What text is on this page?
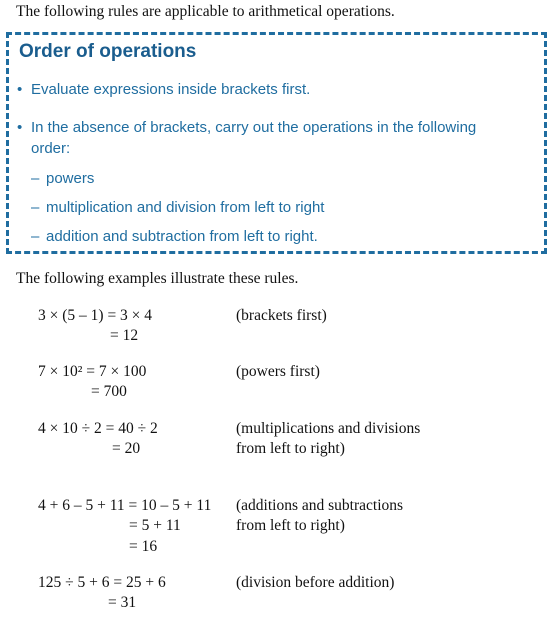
The following rules are applicable to arithmetical operations.
Order of operations
• Evaluate expressions inside brackets first.
• In the absence of brackets, carry out the operations in the following
order:
– powers
– multiplication and division from left to right
– addition and subtraction from left to right.
The following examples illustrate these rules.
3 × (5 – 1) = 3 × 4
= 12
(brackets first)
7 × 10² = 7 × 100
= 700
(powers first)
4 × 10 ÷ 2 = 40 ÷ 2
= 20
(multiplications and divisions
from left to right)
4 + 6 – 5 + 11 = 10 – 5 + 11
= 5 + 11
= 16
(additions and subtractions
from left to right)
125 ÷ 5 + 6 = 25 + 6
= 31
(division before addition)
